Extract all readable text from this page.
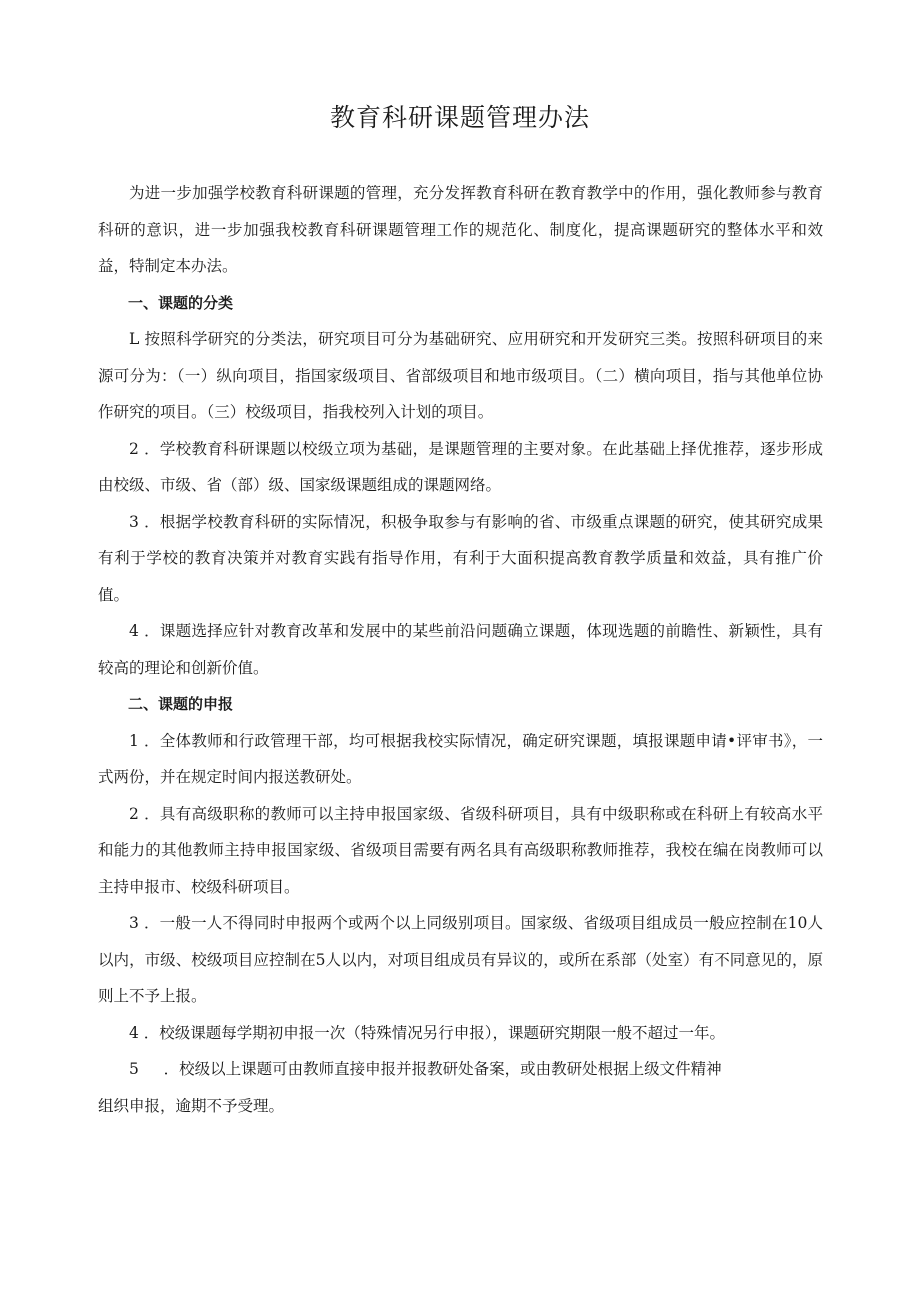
教育科研课题管理办法

为进一步加强学校教育科研课题的管理，充分发挥教育科研在教育教学中的作用，强化教师参与教育科研的意识，进一步加强我校教育科研课题管理工作的规范化、制度化，提高课题研究的整体水平和效益，特制定本办法。

一、课题的分类

L 按照科学研究的分类法，研究项目可分为基础研究、应用研究和开发研究三类。按照科研项目的来源可分为：（一）纵向项目，指国家级项目、省部级项目和地市级项目。（二）横向项目，指与其他单位协作研究的项目。（三）校级项目，指我校列入计划的项目。

2 ．学校教育科研课题以校级立项为基础，是课题管理的主要对象。在此基础上择优推荐，逐步形成由校级、市级、省（部）级、国家级课题组成的课题网络。

3 ．根据学校教育科研的实际情况，积极争取参与有影响的省、市级重点课题的研究，使其研究成果有利于学校的教育决策并对教育实践有指导作用，有利于大面积提高教育教学质量和效益，具有推广价值。

4 ．课题选择应针对教育改革和发展中的某些前沿问题确立课题，体现选题的前瞻性、新颖性，具有较高的理论和创新价值。

二、课题的申报

1 ．全体教师和行政管理干部，均可根据我校实际情况，确定研究课题，填报课题申请•评审书》，一式两份，并在规定时间内报送教研处。

2 ．具有高级职称的教师可以主持申报国家级、省级科研项目，具有中级职称或在科研上有较高水平和能力的其他教师主持申报国家级、省级项目需要有两名具有高级职称教师推荐，我校在编在岗教师可以主持申报市、校级科研项目。

3 ．一般一人不得同时申报两个或两个以上同级别项目。国家级、省级项目组成员一般应控制在10人以内，市级、校级项目应控制在5人以内，对项目组成员有异议的，或所在系部（处室）有不同意见的，原则上不予上报。

4 ．校级课题每学期初申报一次（特殊情况另行申报），课题研究期限一般不超过一年。

5 ．校级以上课题可由教师直接申报并报教研处备案，或由教研处根据上级文件精神

组织申报，逾期不予受理。
